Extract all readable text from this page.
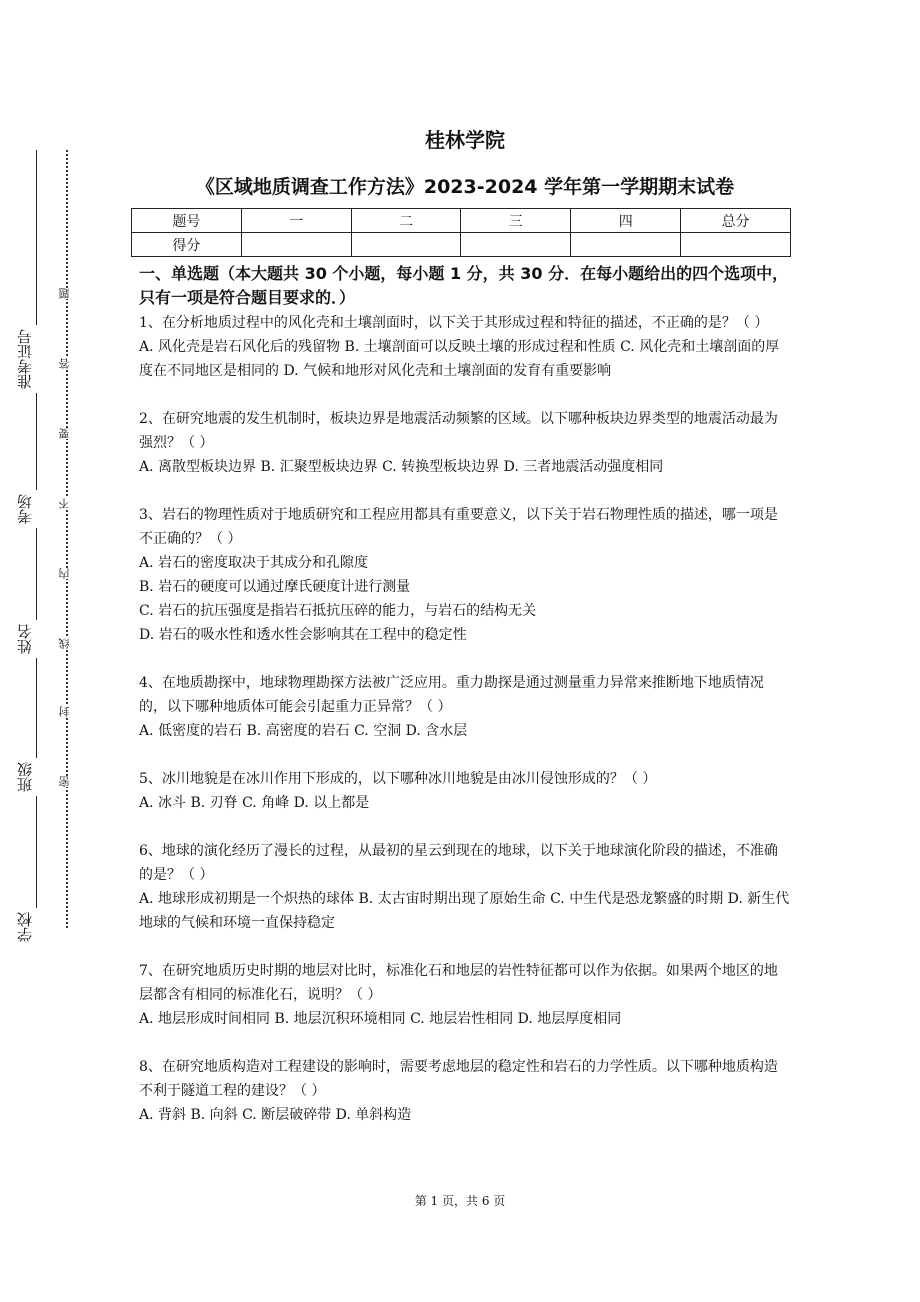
准考证号
考场
姓名
班级
学校
题
答
要
不
内
线
封
密
桂林学院
《区域地质调查工作方法》2023-2024 学年第一学期期末试卷
题号	一	二	三	四	总分
得分					
一、单选题（本大题共 30 个小题，每小题 1 分，共 30 分．在每小题给出的四个选项中，只有一项是符合题目要求的．）

1、在分析地质过程中的风化壳和土壤剖面时，以下关于其形成过程和特征的描述，不正确的是？（ ）

A. 风化壳是岩石风化后的残留物 B. 土壤剖面可以反映土壤的形成过程和性质 C. 风化壳和土壤剖面的厚度在不同地区是相同的 D. 气候和地形对风化壳和土壤剖面的发育有重要影响

2、在研究地震的发生机制时，板块边界是地震活动频繁的区域。以下哪种板块边界类型的地震活动最为强烈？（ ）

A. 离散型板块边界 B. 汇聚型板块边界 C. 转换型板块边界 D. 三者地震活动强度相同

3、岩石的物理性质对于地质研究和工程应用都具有重要意义，以下关于岩石物理性质的描述，哪一项是不正确的？（ ）

A. 岩石的密度取决于其成分和孔隙度

B. 岩石的硬度可以通过摩氏硬度计进行测量

C. 岩石的抗压强度是指岩石抵抗压碎的能力，与岩石的结构无关

D. 岩石的吸水性和透水性会影响其在工程中的稳定性

4、在地质勘探中，地球物理勘探方法被广泛应用。重力勘探是通过测量重力异常来推断地下地质情况的，以下哪种地质体可能会引起重力正异常？（ ）

A. 低密度的岩石 B. 高密度的岩石 C. 空洞 D. 含水层

5、冰川地貌是在冰川作用下形成的，以下哪种冰川地貌是由冰川侵蚀形成的？（ ）

A. 冰斗 B. 刃脊 C. 角峰 D. 以上都是

6、地球的演化经历了漫长的过程，从最初的星云到现在的地球，以下关于地球演化阶段的描述，不准确的是？（ ）

A. 地球形成初期是一个炽热的球体 B. 太古宙时期出现了原始生命 C. 中生代是恐龙繁盛的时期 D. 新生代地球的气候和环境一直保持稳定

7、在研究地质历史时期的地层对比时，标准化石和地层的岩性特征都可以作为依据。如果两个地区的地层都含有相同的标准化石，说明？（ ）

A. 地层形成时间相同 B. 地层沉积环境相同 C. 地层岩性相同 D. 地层厚度相同

8、在研究地质构造对工程建设的影响时，需要考虑地层的稳定性和岩石的力学性质。以下哪种地质构造不利于隧道工程的建设？（ ）

A. 背斜 B. 向斜 C. 断层破碎带 D. 单斜构造

第 1 页，共 6 页
